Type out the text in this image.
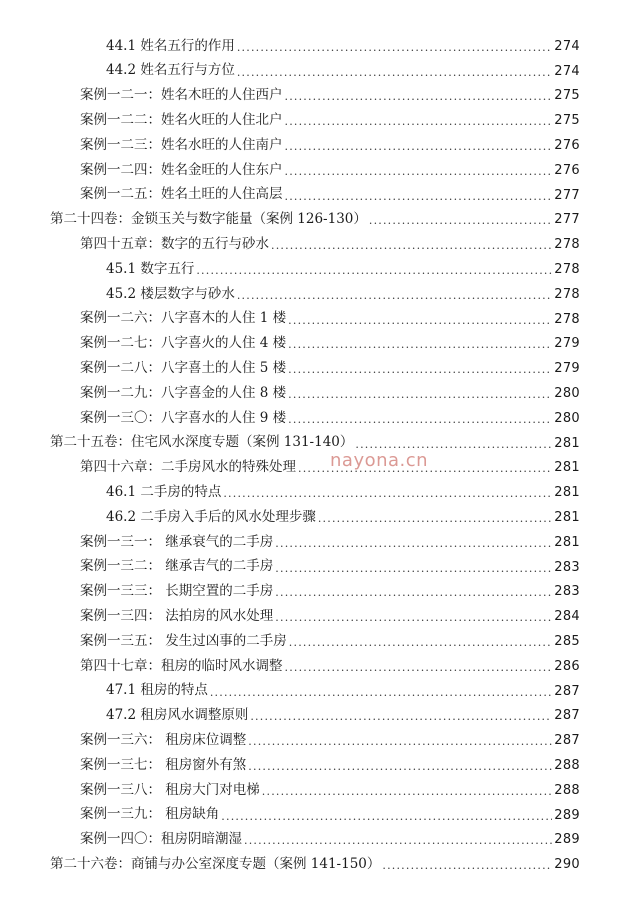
44.1 姓名五行的作用 .....	274
44.2 姓名五行与方位 .....	274
案例一二一：姓名木旺的人住西户 .....	275
案例一二二：姓名火旺的人住北户 .....	275
案例一二三：姓名水旺的人住南户 .....	276
案例一二四：姓名金旺的人住东户 .....	276
案例一二五：姓名土旺的人住高层 .....	277
第二十四卷：金锁玉关与数字能量（案例 126-130） .....	277
第四十五章：数字的五行与砂水 .....	278
45.1 数字五行 .....	278
45.2 楼层数字与砂水 .....	278
案例一二六：八字喜木的人住 1 楼 .....	278
案例一二七：八字喜火的人住 4 楼 .....	279
案例一二八：八字喜土的人住 5 楼 .....	279
案例一二九：八字喜金的人住 8 楼 .....	280
案例一三〇：八字喜水的人住 9 楼 .....	280
第二十五卷：住宅风水深度专题（案例 131-140） .....	281
第四十六章：二手房风水的特殊处理 .....	281
46.1 二手房的特点 .....	281
46.2 二手房入手后的风水处理步骤 .....	281
案例一三一： 继承衰气的二手房 .....	281
案例一三二： 继承吉气的二手房 .....	283
案例一三三： 长期空置的二手房 .....	283
案例一三四： 法拍房的风水处理 .....	284
案例一三五： 发生过凶事的二手房 .....	285
第四十七章：租房的临时风水调整 .....	286
47.1 租房的特点 .....	287
47.2 租房风水调整原则 .....	287
案例一三六： 租房床位调整 .....	287
案例一三七： 租房窗外有煞 .....	288
案例一三八： 租房大门对电梯 .....	288
案例一三九： 租房缺角 .....	289
案例一四〇：租房阴暗潮湿 .....	289
第二十六卷：商铺与办公室深度专题（案例 141-150） .....	290
nayona.cn
